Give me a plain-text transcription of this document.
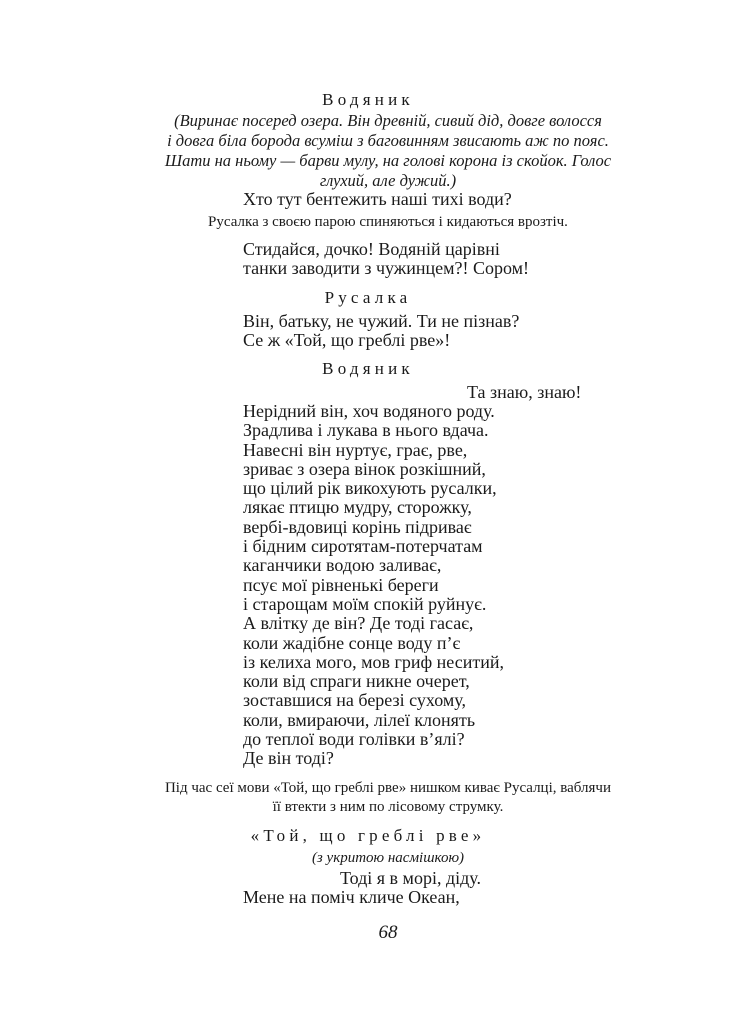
Водяник
(Виринає посеред озера. Він древній, сивий дід, довге волосся
і довга біла борода всуміш з баговинням звисають аж по пояс.
Шати на ньому — барви мулу, на голові корона із скойок. Голос
глухий, але дужий.)
Хто тут бентежить наші тихі води?
Русалка з своєю парою спиняються і кидаються врозтіч.
Стидайся, дочко! Водяній царівні
танки заводити з чужинцем?! Сором!
Русалка
Він, батьку, не чужий. Ти не пізнав?
Се ж «Той, що греблі рве»!
Водяник
Та знаю, знаю!
Нерідний він, хоч водяного роду.
Зрадлива і лукава в нього вдача.
Навесні він нуртує, грає, рве,
зриває з озера вінок розкішний,
що цілий рік викохують русалки,
лякає птицю мудру, сторожку,
вербі-вдовиці корінь підриває
і бідним сиротятам-потерчатам
каганчики водою заливає,
псує мої рівненькі береги
і старощам моїм спокій руйнує.
А влітку де він? Де тоді гасає,
коли жадібне сонце воду п’є
із келиха мого, мов гриф неситий,
коли від спраги никне очерет,
зоставшися на березі сухому,
коли, вмираючи, лілеї клонять
до теплої води голівки в’ялі?
Де він тоді?
Під час сеї мови «Той, що греблі рве» нишком киває Русалці, ваблячи
її втекти з ним по лісовому струмку.
«Той, що греблі рве»
(з укритою насмішкою)
Тоді я в морі, діду.
Мене на поміч кличе Океан,
68
